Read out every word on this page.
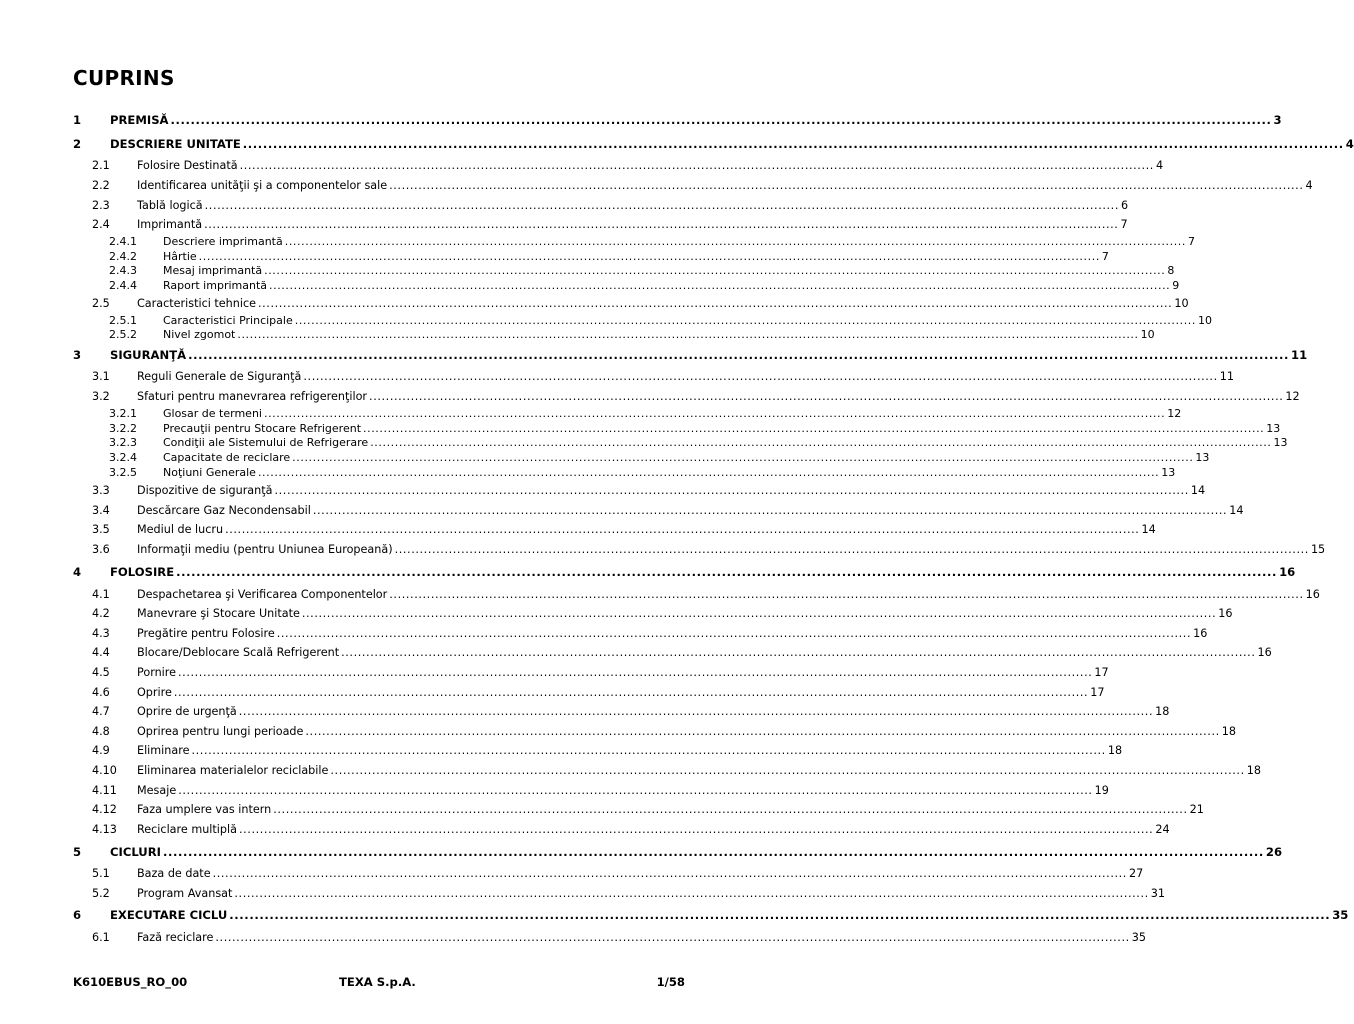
CUPRINS
1 PREMISĂ ............................................................................................................................................................................................................................ 3
2 DESCRIERE UNITATE ............................................................................................................................................................................................................................ 4
2.1 Folosire Destinată ............................................................................................................................................................................................................................ 4
2.2 Identificarea unităţii şi a componentelor sale ............................................................................................................................................................................................................................ 4
2.3 Tablă logică ............................................................................................................................................................................................................................ 6
2.4 Imprimantă ............................................................................................................................................................................................................................ 7
2.4.1 Descriere imprimantă ............................................................................................................................................................................................................................ 7
2.4.2 Hârtie ............................................................................................................................................................................................................................ 7
2.4.3 Mesaj imprimantă ............................................................................................................................................................................................................................ 8
2.4.4 Raport imprimantă ............................................................................................................................................................................................................................ 9
2.5 Caracteristici tehnice ............................................................................................................................................................................................................................ 10
2.5.1 Caracteristici Principale ............................................................................................................................................................................................................................ 10
2.5.2 Nivel zgomot ............................................................................................................................................................................................................................ 10
3 SIGURANŢĂ ............................................................................................................................................................................................................................ 11
3.1 Reguli Generale de Siguranţă ............................................................................................................................................................................................................................ 11
3.2 Sfaturi pentru manevrarea refrigerenţilor ............................................................................................................................................................................................................................ 12
3.2.1 Glosar de termeni ............................................................................................................................................................................................................................ 12
3.2.2 Precauţii pentru Stocare Refrigerent ............................................................................................................................................................................................................................ 13
3.2.3 Condiţii ale Sistemului de Refrigerare ............................................................................................................................................................................................................................ 13
3.2.4 Capacitate de reciclare ............................................................................................................................................................................................................................ 13
3.2.5 Noţiuni Generale ............................................................................................................................................................................................................................ 13
3.3 Dispozitive de siguranţă ............................................................................................................................................................................................................................ 14
3.4 Descărcare Gaz Necondensabil ............................................................................................................................................................................................................................ 14
3.5 Mediul de lucru ............................................................................................................................................................................................................................ 14
3.6 Informaţii mediu (pentru Uniunea Europeană) ............................................................................................................................................................................................................................ 15
4 FOLOSIRE ............................................................................................................................................................................................................................ 16
4.1 Despachetarea şi Verificarea Componentelor ............................................................................................................................................................................................................................ 16
4.2 Manevrare şi Stocare Unitate ............................................................................................................................................................................................................................ 16
4.3 Pregătire pentru Folosire ............................................................................................................................................................................................................................ 16
4.4 Blocare/Deblocare Scală Refrigerent ............................................................................................................................................................................................................................ 16
4.5 Pornire ............................................................................................................................................................................................................................ 17
4.6 Oprire ............................................................................................................................................................................................................................ 17
4.7 Oprire de urgenţă ............................................................................................................................................................................................................................ 18
4.8 Oprirea pentru lungi perioade ............................................................................................................................................................................................................................ 18
4.9 Eliminare ............................................................................................................................................................................................................................ 18
4.10 Eliminarea materialelor reciclabile ............................................................................................................................................................................................................................ 18
4.11 Mesaje ............................................................................................................................................................................................................................ 19
4.12 Faza umplere vas intern ............................................................................................................................................................................................................................ 21
4.13 Reciclare multiplă ............................................................................................................................................................................................................................ 24
5 CICLURI ............................................................................................................................................................................................................................ 26
5.1 Baza de date ............................................................................................................................................................................................................................ 27
5.2 Program Avansat ............................................................................................................................................................................................................................ 31
6 EXECUTARE CICLU ............................................................................................................................................................................................................................ 35
6.1 Fază reciclare ............................................................................................................................................................................................................................ 35
K610EBUS_RO_00	TEXA S.p.A.	1/58
